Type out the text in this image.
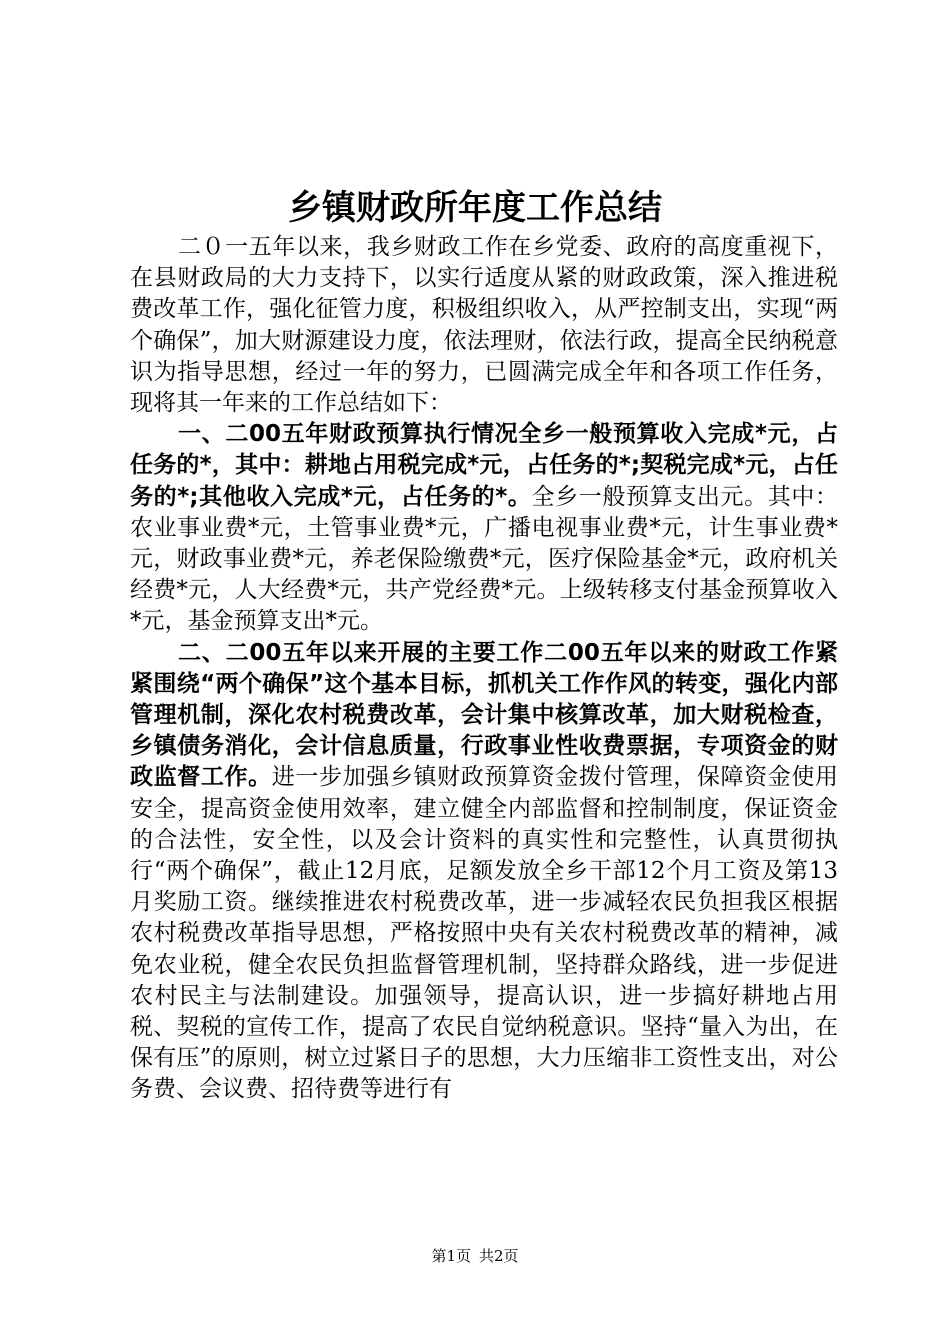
乡镇财政所年度工作总结

二０一五年以来，我乡财政工作在乡党委、政府的高度重视下，在县财政局的大力支持下，以实行适度从紧的财政政策，深入推进税费改革工作，强化征管力度，积极组织收入，从严控制支出，实现“两个确保”，加大财源建设力度，依法理财，依法行政，提高全民纳税意识为指导思想，经过一年的努力，已圆满完成全年和各项工作任务，现将其一年来的工作总结如下：

一、二00五年财政预算执行情况全乡一般预算收入完成*元，占任务的*，其中：耕地占用税完成*元，占任务的*;契税完成*元，占任务的*;其他收入完成*元，占任务的*。全乡一般预算支出元。其中：农业事业费*元，土管事业费*元，广播电视事业费*元，计生事业费*元，财政事业费*元，养老保险缴费*元，医疗保险基金*元，政府机关经费*元，人大经费*元，共产党经费*元。上级转移支付基金预算收入*元，基金预算支出*元。

二、二00五年以来开展的主要工作二00五年以来的财政工作紧紧围绕“两个确保”这个基本目标，抓机关工作作风的转变，强化内部管理机制，深化农村税费改革，会计集中核算改革，加大财税检查，乡镇债务消化，会计信息质量，行政事业性收费票据，专项资金的财政监督工作。进一步加强乡镇财政预算资金拨付管理，保障资金使用安全，提高资金使用效率，建立健全内部监督和控制制度，保证资金的合法性，安全性，以及会计资料的真实性和完整性，认真贯彻执行“两个确保”，截止12月底，足额发放全乡干部12个月工资及第13月奖励工资。继续推进农村税费改革，进一步减轻农民负担我区根据农村税费改革指导思想，严格按照中央有关农村税费改革的精神，减免农业税，健全农民负担监督管理机制，坚持群众路线，进一步促进农村民主与法制建设。加强领导，提高认识，进一步搞好耕地占用税、契税的宣传工作，提高了农民自觉纳税意识。坚持“量入为出，在保有压”的原则，树立过紧日子的思想，大力压缩非工资性支出，对公务费、会议费、招待费等进行有

第1页 共2页
